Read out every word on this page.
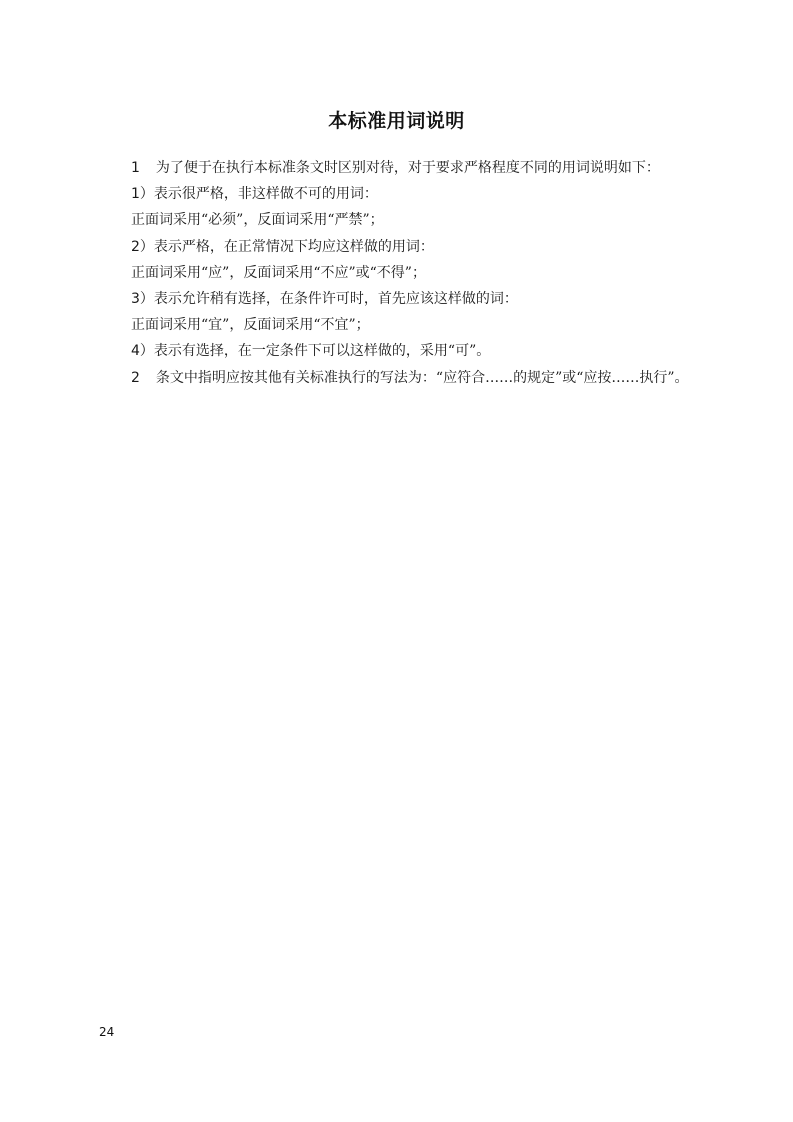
本标准用词说明

1 为了便于在执行本标准条文时区别对待，对于要求严格程度不同的用词说明如下：

1）表示很严格，非这样做不可的用词：

正面词采用“必须”，反面词采用“严禁”；

2）表示严格，在正常情况下均应这样做的用词：

正面词采用“应”，反面词采用“不应”或“不得”；

3）表示允许稍有选择，在条件许可时，首先应该这样做的词：

正面词采用“宜”，反面词采用“不宜”；

4）表示有选择，在一定条件下可以这样做的，采用“可”。

2 条文中指明应按其他有关标准执行的写法为：“应符合……的规定”或“应按……执行”。

24
